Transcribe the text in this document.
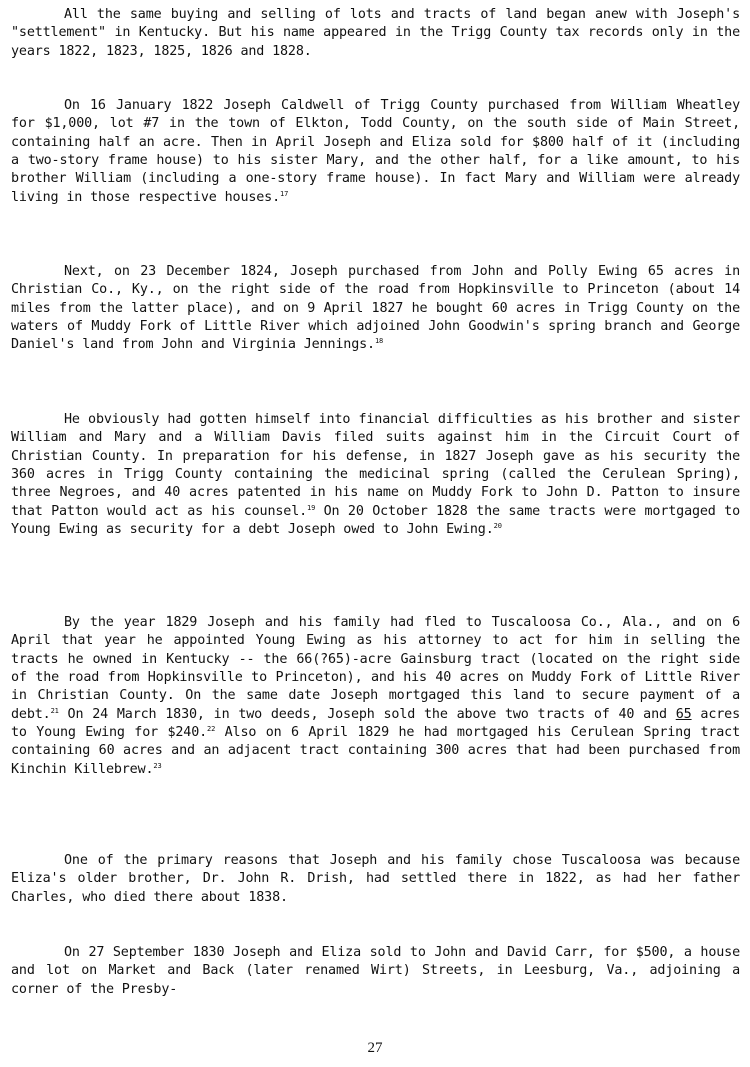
All the same buying and selling of lots and tracts of land began anew with Joseph's "settlement" in Kentucky. But his name appeared in the Trigg County tax records only in the years 1822, 1823, 1825, 1826 and 1828.

On 16 January 1822 Joseph Caldwell of Trigg County purchased from William Wheatley for $1,000, lot #7 in the town of Elkton, Todd County, on the south side of Main Street, containing half an acre. Then in April Joseph and Eliza sold for $800 half of it (including a two-story frame house) to his sister Mary, and the other half, for a like amount, to his brother William (including a one-story frame house). In fact Mary and William were already living in those respective houses.$^{17}$

Next, on 23 December 1824, Joseph purchased from John and Polly Ewing 65 acres in Christian Co., Ky., on the right side of the road from Hopkinsville to Princeton (about 14 miles from the latter place), and on 9 April 1827 he bought 60 acres in Trigg County on the waters of Muddy Fork of Little River which adjoined John Goodwin's spring branch and George Daniel's land from John and Virginia Jennings.$^{18}$

He obviously had gotten himself into financial difficulties as his brother and sister William and Mary and a William Davis filed suits against him in the Circuit Court of Christian County. In preparation for his defense, in 1827 Joseph gave as his security the 360 acres in Trigg County containing the medicinal spring (called the Cerulean Spring), three Negroes, and 40 acres patented in his name on Muddy Fork to John D. Patton to insure that Patton would act as his counsel.$^{19}$ On 20 October 1828 the same tracts were mortgaged to Young Ewing as security for a debt Joseph owed to John Ewing.$^{20}$

By the year 1829 Joseph and his family had fled to Tuscaloosa Co., Ala., and on 6 April that year he appointed Young Ewing as his attorney to act for him in selling the tracts he owned in Kentucky -- the 66(?65)-acre Gainsburg tract (located on the right side of the road from Hopkinsville to Princeton), and his 40 acres on Muddy Fork of Little River in Christian County. On the same date Joseph mortgaged this land to secure payment of a debt.$^{21}$ On 24 March 1830, in two deeds, Joseph sold the above two tracts of 40 and 65 acres to Young Ewing for $240.22 Also on 6 April 1829 he had mortgaged his Cerulean Spring tract containing 60 acres and an adjacent tract containing 300 acres that had been purchased from Kinchin Killebrew.$^{23}$

One of the primary reasons that Joseph and his family chose Tuscaloosa was because Eliza's older brother, Dr. John R. Drish, had settled there in 1822, as had her father Charles, who died there about 1838.

On 27 September 1830 Joseph and Eliza sold to John and David Carr, for $500, a house and lot on Market and Back (later renamed Wirt) Streets, in Leesburg, Va., adjoining a corner of the Presby-

27
